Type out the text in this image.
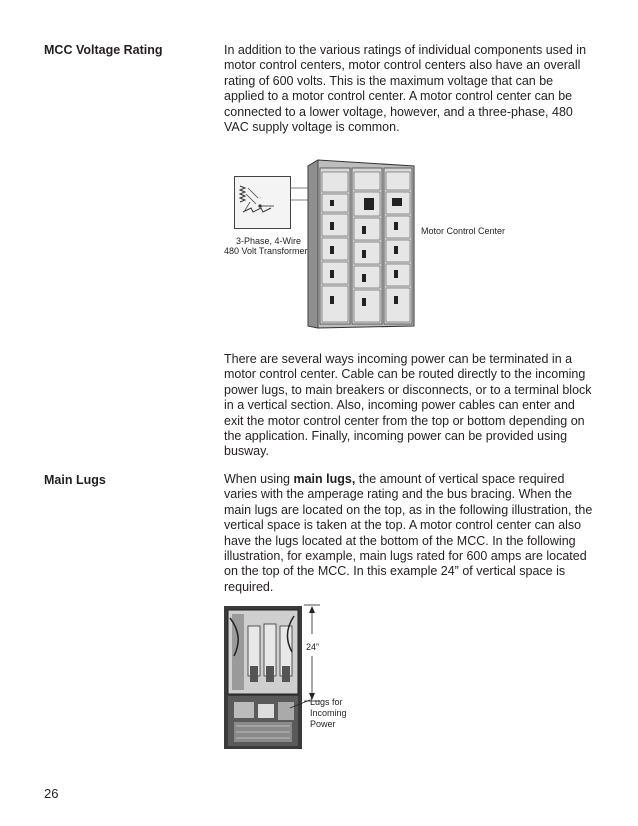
MCC Voltage Rating	In addition to the various ratings of individual components used in motor control centers, motor control centers also have an overall rating of 600 volts. This is the maximum voltage that can be applied to a motor control center. A motor control center can be connected to a lower voltage, however, and a three-phase, 480 VAC supply voltage is common.

3-Phase, 4-Wire
480 Volt Transformer
Motor Control Center

There are several ways incoming power can be terminated in a motor control center. Cable can be routed directly to the incoming power lugs, to main breakers or disconnects, or to a terminal block in a vertical section. Also, incoming power cables can enter and exit the motor control center from the top or bottom depending on the application. Finally, incoming power can be provided using busway.

Main Lugs	When using main lugs, the amount of vertical space required varies with the amperage rating and the bus bracing. When the main lugs are located on the top, as in the following illustration, the vertical space is taken at the top. A motor control center can also have the lugs located at the bottom of the MCC. In the following illustration, for example, main lugs rated for 600 amps are located on the top of the MCC. In this example 24” of vertical space is required.

24”
Lugs for
Incoming
Power
26
